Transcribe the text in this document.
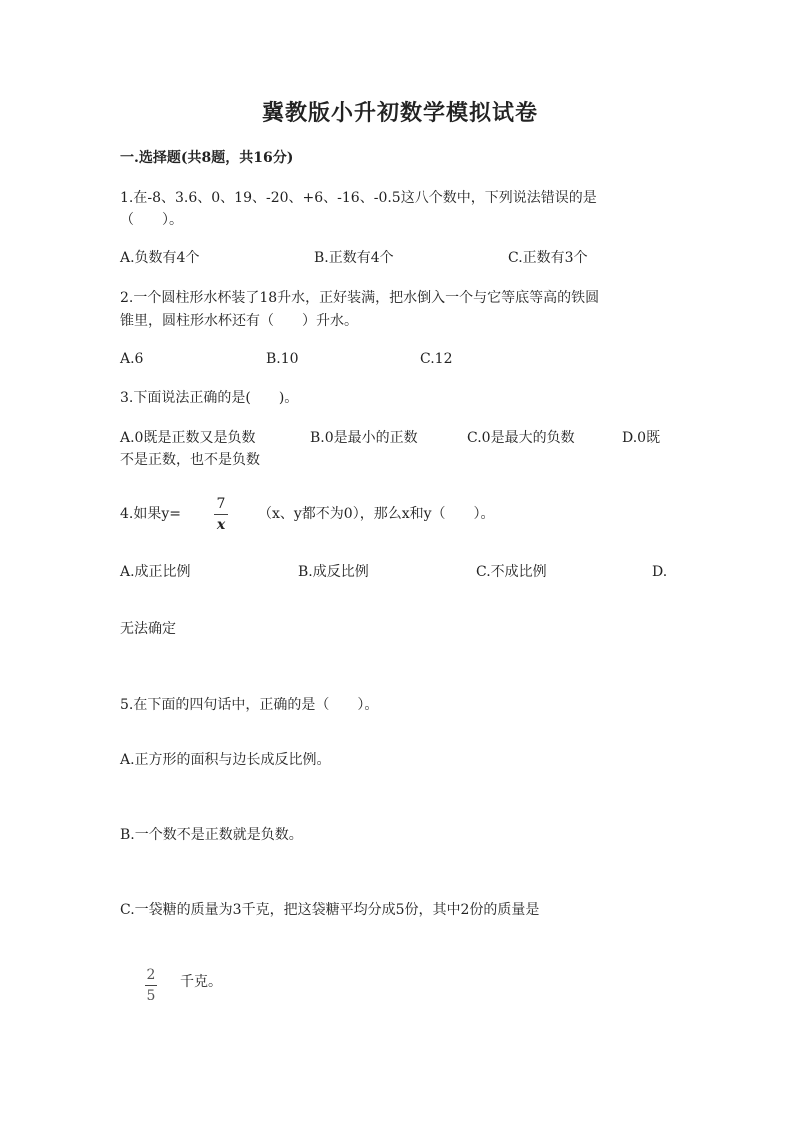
冀教版小升初数学模拟试卷
一.选择题(共8题，共16分)
1.在-8、3.6、0、19、-20、+6、-16、-0.5这八个数中，下列说法错误的是
（　　）。
A.负数有4个	B.正数有4个	C.正数有3个
2.一个圆柱形水杯装了18升水，正好装满，把水倒入一个与它等底等高的铁圆
锥里，圆柱形水杯还有（　　）升水。
A.6	B.10	C.12
3.下面说法正确的是(　　)。
A.0既是正数又是负数	B.0是最小的正数	C.0是最大的负数	D.0既
不是正数，也不是负数
4.如果y=
7
x
（x、y都不为0），那么x和y（　　）。
A.成正比例	B.成反比例	C.不成比例	D.
无法确定
5.在下面的四句话中，正确的是（　　）。
A.正方形的面积与边长成反比例。
B.一个数不是正数就是负数。
C.一袋糖的质量为3千克，把这袋糖平均分成5份，其中2份的质量是
2
5
千克。
